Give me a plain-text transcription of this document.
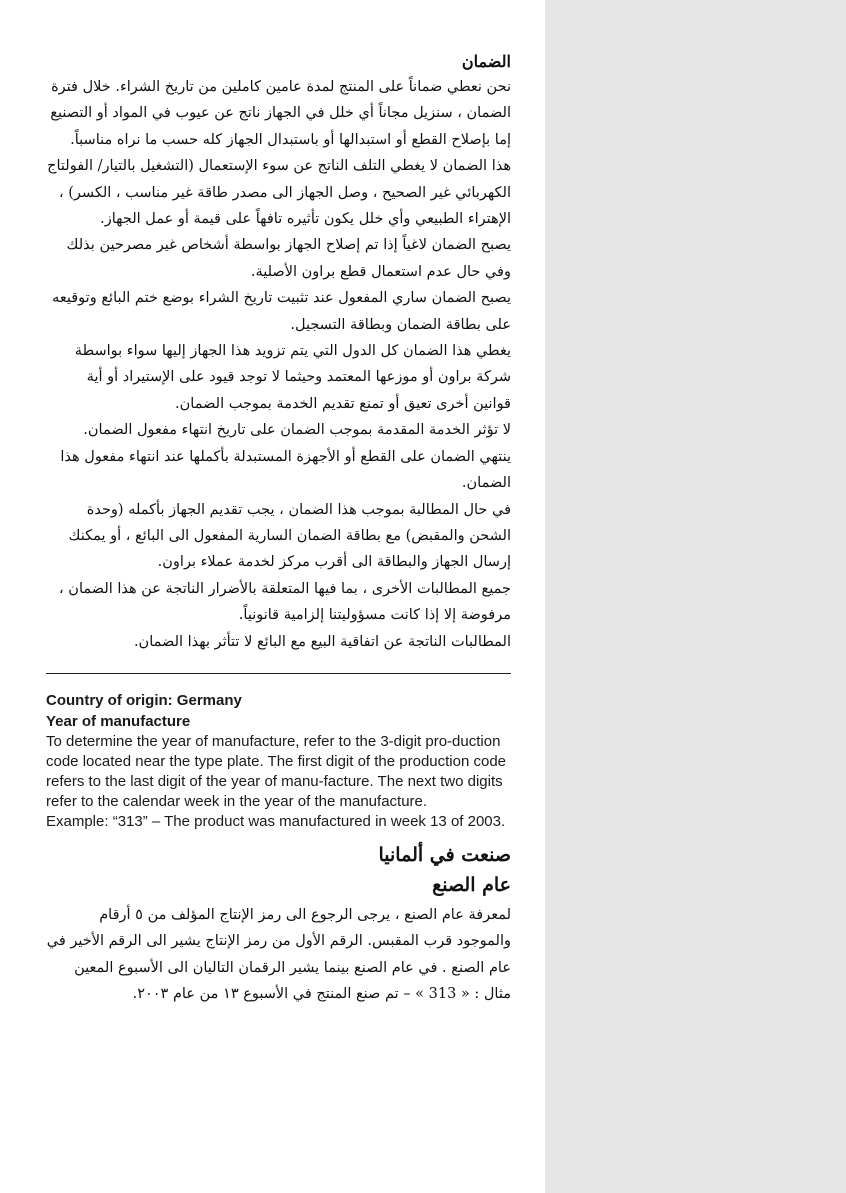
الضمان

نحن نعطي ضماناً على المنتج لمدة عامين كاملين من تاريخ الشراء. خلال فترة الضمان ، سنزيل مجاناً أي خلل في الجهاز ناتج عن عيوب في المواد أو التصنيع إما بإصلاح القطع أو استبدالها أو باستبدال الجهاز كله حسب ما نراه مناسباً.

هذا الضمان لا يغطي التلف الناتج عن سوء الإستعمال (التشغيل بالتيار/ الفولتاج الكهربائي غير الصحيح ، وصل الجهاز الى مصدر طاقة غير مناسب ، الكسر) ، الإهتراء الطبيعي وأي خلل يكون تأثيره تافهاً على قيمة أو عمل الجهاز.

يصبح الضمان لاغياً إذا تم إصلاح الجهاز بواسطة أشخاص غير مصرحين بذلك وفي حال عدم استعمال قطع براون الأصلية.

يصبح الضمان ساري المفعول عند تثبيت تاريخ الشراء بوضع ختم البائع وتوقيعه على بطاقة الضمان وبطاقة التسجيل.

يغطي هذا الضمان كل الدول التي يتم تزويد هذا الجهاز إليها سواء بواسطة شركة براون أو موزعها المعتمد وحيثما لا توجد قيود على الإستيراد أو أية قوانين أخرى تعيق أو تمنع تقديم الخدمة بموجب الضمان.

لا تؤثر الخدمة المقدمة بموجب الضمان على تاريخ انتهاء مفعول الضمان.

ينتهي الضمان على القطع أو الأجهزة المستبدلة بأكملها عند انتهاء مفعول هذا الضمان.

في حال المطالبة بموجب هذا الضمان ، يجب تقديم الجهاز بأكمله (وحدة الشحن والمقبض) مع بطاقة الضمان السارية المفعول الى البائع ، أو يمكنك إرسال الجهاز والبطاقة الى أقرب مركز لخدمة عملاء براون.

جميع المطالبات الأخرى ، بما فيها المتعلقة بالأضرار الناتجة عن هذا الضمان ، مرفوضة إلا إذا كانت مسؤوليتنا إلزامية قانونياً.

المطالبات الناتجة عن اتفاقية البيع مع البائع لا تتأثر بهذا الضمان.

Country of origin: Germany

Year of manufacture

To determine the year of manufacture, refer to the 3-digit pro-duction code located near the type plate. The first digit of the production code refers to the last digit of the year of manu-facture. The next two digits refer to the calendar week in the year of the manufacture.

Example: “313” – The product was manufactured in week 13 of 2003.

صنعت في ألمانيا

عام الصنع

لمعرفة عام الصنع ، يرجى الرجوع الى رمز الإنتاج المؤلف من ٥ أرقام والموجود قرب المقبس. الرقم الأول من رمز الإنتاج يشير الى الرقم الأخير في عام الصنع . في عام الصنع بينما يشير الرقمان التاليان الى الأسبوع المعين مثال : « 313 » – تم صنع المنتج في الأسبوع ١٣ من عام ٢٠٠٣.
